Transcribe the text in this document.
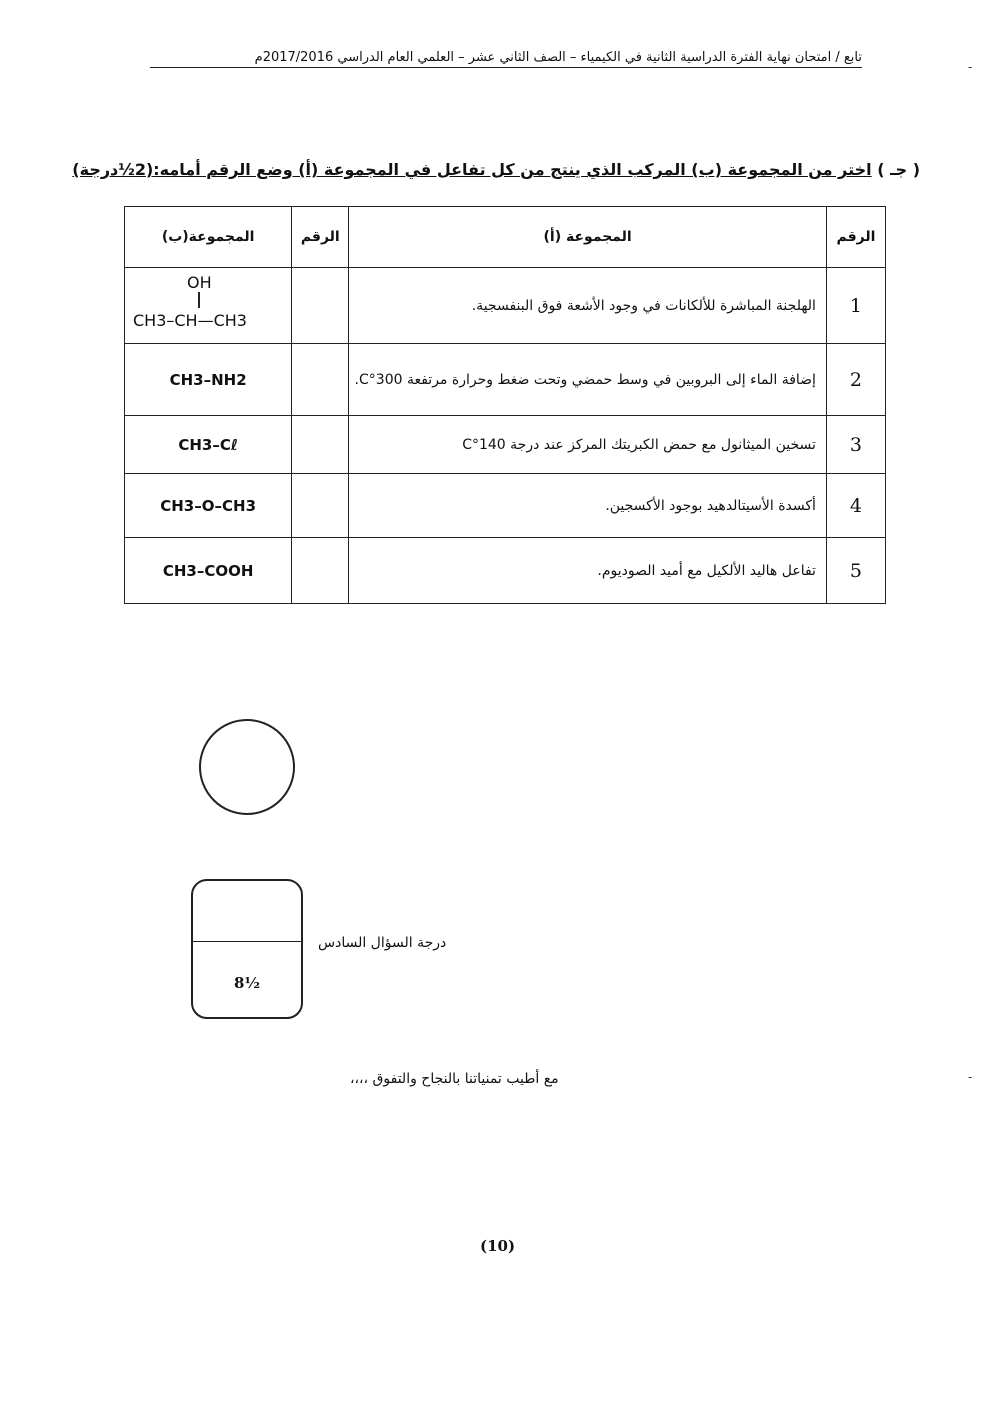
تابع / امتحان نهاية الفترة الدراسية الثانية في الكيمياء – الصف الثاني عشر – العلمي العام الدراسي 2017/2016م
-
-
( جـ ) اختر من المجموعة (ب) المركب الذي ينتج من كل تفاعل في المجموعة (أ) وضع الرقم أمامه:(2½درجة)
الرقم	المجموعة (أ)	الرقم	المجموعة(ب)
1	الهلجنة المباشرة للألكانات في وجود الأشعة فوق البنفسجية.		OH
CH3–CH—CH3

2	إضافة الماء إلى البروبين في وسط حمضي وتحت ضغط وحرارة مرتفعة 300°C.		CH3–NH2
3	تسخين الميثانول مع حمض الكبريتك المركز عند درجة 140°C		CH3–Cℓ
4	أكسدة الأسيتالدهيد بوجود الأكسجين.		CH3–O–CH3
5	تفاعل هاليد الألكيل مع أميد الصوديوم.		CH3–COOH
8½
درجة السؤال السادس
مع أطيب تمنياتنا بالنجاح والتفوق ،،،،
(10)
